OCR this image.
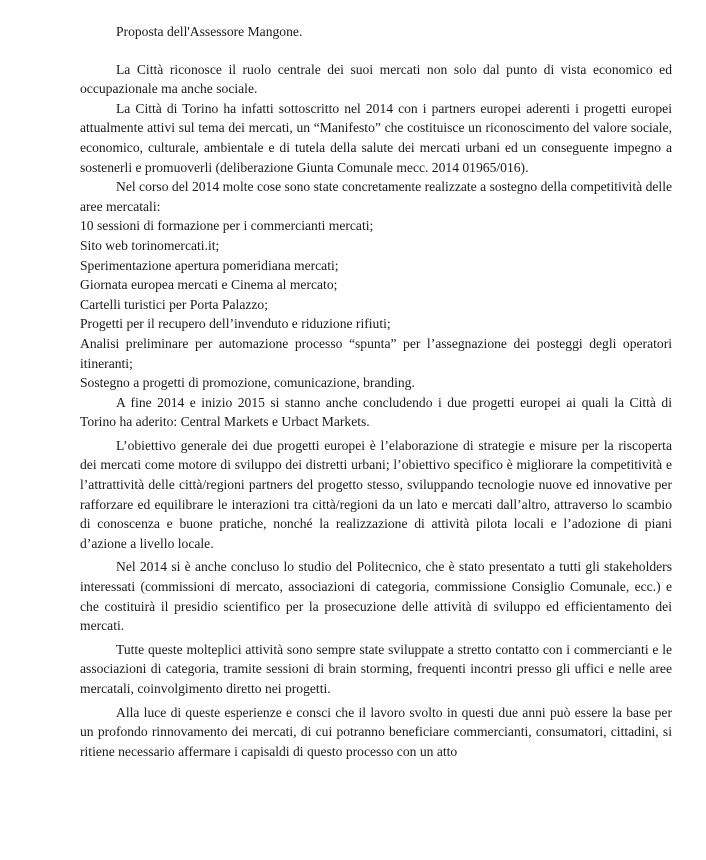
Proposta dell'Assessore Mangone.

La Città riconosce il ruolo centrale dei suoi mercati non solo dal punto di vista economico ed occupazionale ma anche sociale.

La Città di Torino ha infatti sottoscritto nel 2014 con i partners europei aderenti i progetti europei attualmente attivi sul tema dei mercati, un “Manifesto” che costituisce un riconoscimento del valore sociale, economico, culturale, ambientale e di tutela della salute dei mercati urbani ed un conseguente impegno a sostenerli e promuoverli (deliberazione Giunta Comunale mecc. 2014 01965/016).

Nel corso del 2014 molte cose sono state concretamente realizzate a sostegno della competitività delle aree mercatali:

10 sessioni di formazione per i commercianti mercati;
Sito web torinomercati.it;
Sperimentazione apertura pomeridiana mercati;
Giornata europea mercati e Cinema al mercato;
Cartelli turistici per Porta Palazzo;
Progetti per il recupero dell’invenduto e riduzione rifiuti;
Analisi preliminare per automazione processo “spunta” per l’assegnazione dei posteggi degli operatori itineranti;
Sostegno a progetti di promozione, comunicazione, branding.

A fine 2014 e inizio 2015 si stanno anche concludendo i due progetti europei ai quali la Città di Torino ha aderito: Central Markets e Urbact Markets.

L’obiettivo generale dei due progetti europei è l’elaborazione di strategie e misure per la riscoperta dei mercati come motore di sviluppo dei distretti urbani; l’obiettivo specifico è migliorare la competitività e l’attrattività delle città/regioni partners del progetto stesso, sviluppando tecnologie nuove ed innovative per rafforzare ed equilibrare le interazioni tra città/regioni da un lato e mercati dall’altro, attraverso lo scambio di conoscenza e buone pratiche, nonché la realizzazione di attività pilota locali e l’adozione di piani d’azione a livello locale.

Nel 2014 si è anche concluso lo studio del Politecnico, che è stato presentato a tutti gli stakeholders interessati (commissioni di mercato, associazioni di categoria, commissione Consiglio Comunale, ecc.) e che costituirà il presidio scientifico per la prosecuzione delle attività di sviluppo ed efficientamento dei mercati.

Tutte queste molteplici attività sono sempre state sviluppate a stretto contatto con i commercianti e le associazioni di categoria, tramite sessioni di brain storming, frequenti incontri presso gli uffici e nelle aree mercatali, coinvolgimento diretto nei progetti.

Alla luce di queste esperienze e consci che il lavoro svolto in questi due anni può essere la base per un profondo rinnovamento dei mercati, di cui potranno beneficiare commercianti, consumatori, cittadini, si ritiene necessario affermare i capisaldi di questo processo con un atto
